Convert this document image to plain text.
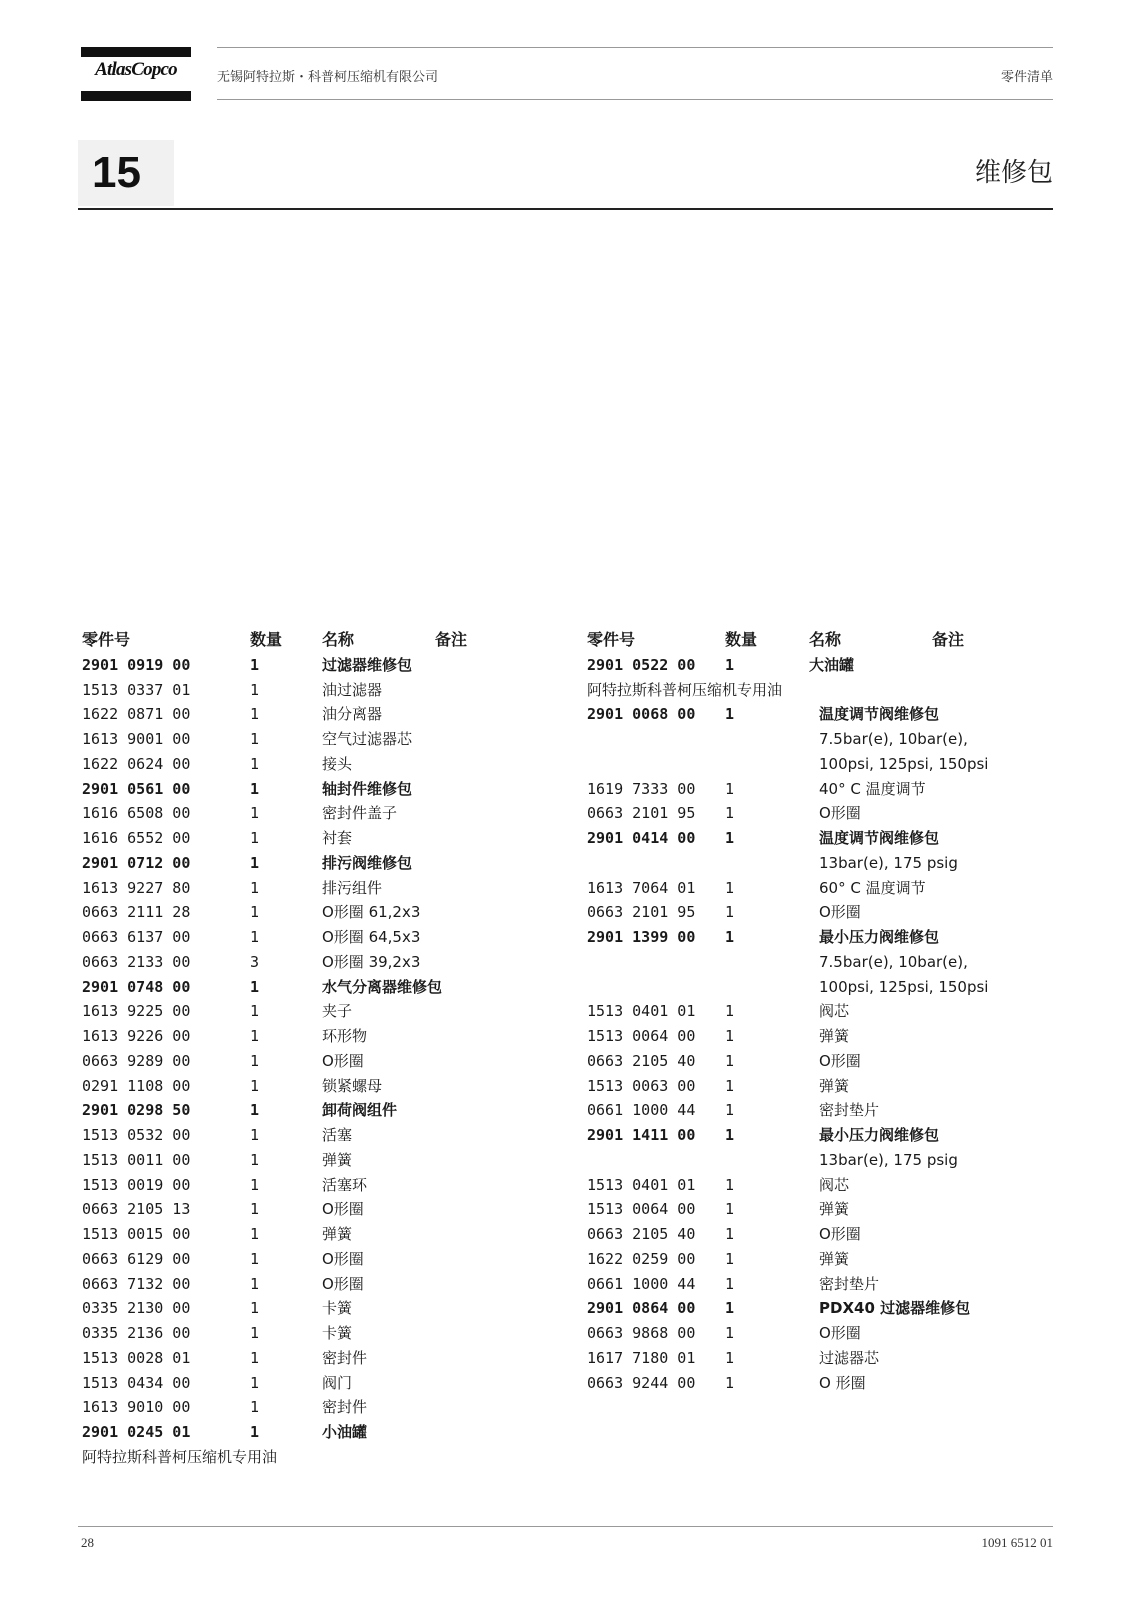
AtlasCopco	无锡阿特拉斯・科普柯压缩机有限公司	零件清单
15	维修包
零件号	数量 名称	备注
2901 0919 00	1	过滤器维修包
1513 0337 01	1	油过滤器
1622 0871 00	1	油分离器
1613 9001 00	1	空气过滤器芯
1622 0624 00	1	接头
2901 0561 00	1	轴封件维修包
1616 6508 00	1	密封件盖子
1616 6552 00	1	衬套
2901 0712 00	1	排污阀维修包
1613 9227 80	1	排污组件
0663 2111 28	1	O形圈 61,2x3
0663 6137 00	1	O形圈 64,5x3
0663 2133 00	3	O形圈 39,2x3
2901 0748 00	1	水气分离器维修包
1613 9225 00	1	夹子
1613 9226 00	1	环形物
0663 9289 00	1	O形圈
0291 1108 00	1	锁紧螺母
2901 0298 50	1	卸荷阀组件
1513 0532 00	1	活塞
1513 0011 00	1	弹簧
1513 0019 00	1	活塞环
0663 2105 13	1	O形圈
1513 0015 00	1	弹簧
0663 6129 00	1	O形圈
0663 7132 00	1	O形圈
0335 2130 00	1	卡簧
0335 2136 00	1	卡簧
1513 0028 01	1	密封件
1513 0434 00	1	阀门
1613 9010 00	1	密封件
2901 0245 01	1	小油罐
阿特拉斯科普柯压缩机专用油
零件号	数量	名称	备注
2901 0522 00 1	大油罐
阿特拉斯科普柯压缩机专用油
2901 0068 00 1	温度调节阀维修包
7.5bar(e), 10bar(e),
100psi, 125psi, 150psi
1619 7333 00 1	40° C 温度调节
0663 2101 95 1	O形圈
2901 0414 00 1	温度调节阀维修包
13bar(e), 175 psig
1613 7064 01 1	60° C 温度调节
0663 2101 95 1	O形圈
2901 1399 00 1	最小压力阀维修包
7.5bar(e), 10bar(e),
100psi, 125psi, 150psi
1513 0401 01 1	阀芯
1513 0064 00 1	弹簧
0663 2105 40 1	O形圈
1513 0063 00 1	弹簧
0661 1000 44 1	密封垫片
2901 1411 00 1	最小压力阀维修包
13bar(e), 175 psig
1513 0401 01 1	阀芯
1513 0064 00 1	弹簧
0663 2105 40 1	O形圈
1622 0259 00 1	弹簧
0661 1000 44 1	密封垫片
2901 0864 00 1	PDX40 过滤器维修包
0663 9868 00 1	O形圈
1617 7180 01 1	过滤器芯
0663 9244 00 1	O 形圈
28	1091 6512 01
